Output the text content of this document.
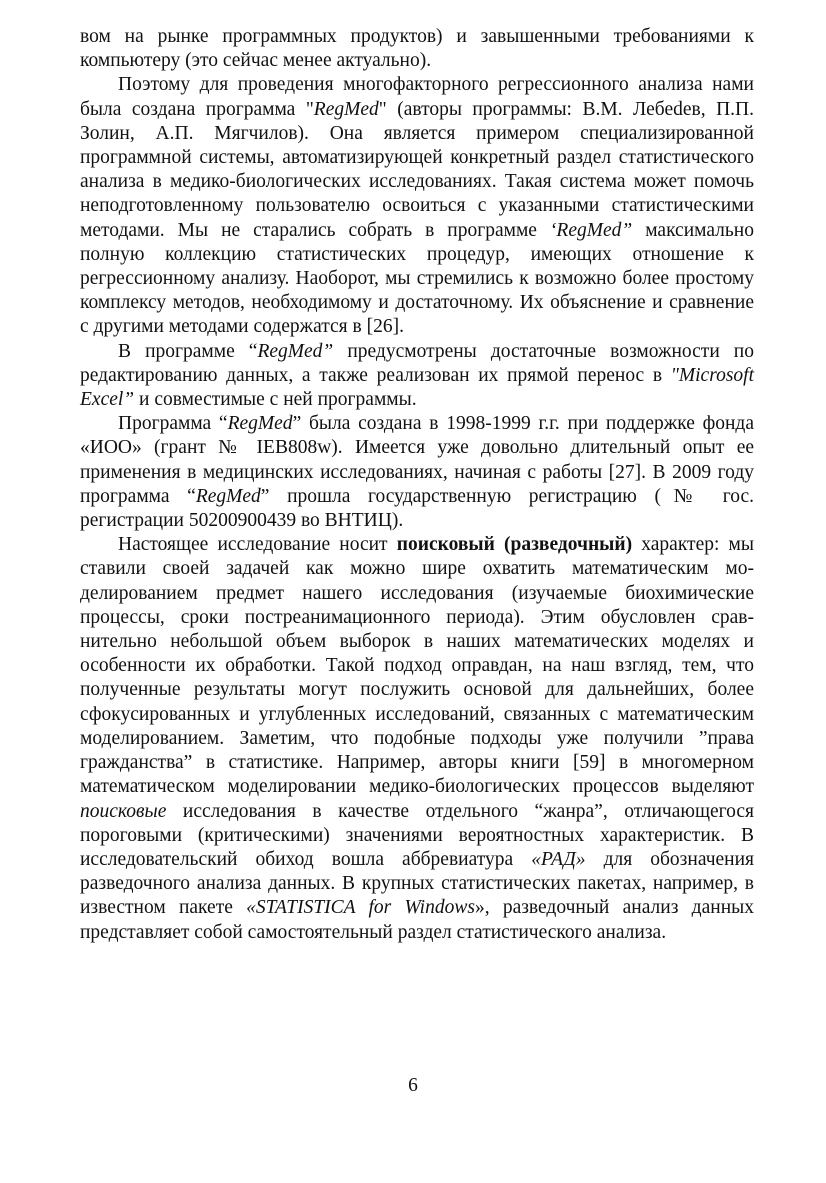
вом на рынке программных продуктов) и завышенными требованиями к компьютеру (это сейчас менее актуально).

Поэтому для проведения многофакторного регрессионного анализа нами была создана программа "RegMed" (авторы программы: В.М. Лебеdев, П.П. Золин, А.П. Мягчилов). Она является примером специализированной программной системы, автоматизирующей конкретный раздел статистического анализа в медико-биологических исследованиях. Такая система может помочь неподготовленному пользователю освоиться с указанными статистическими методами. Мы не старались собрать в программе ‘RegMed” максимально полную коллекцию статистических процедур, имеющих отношение к регрессионному анализу. Наоборот, мы стремились к возможно более простому комплексу методов, необходимому и достаточному. Их объяснение и сравнение с другими методами содержатся в [26].

В программе “RegMed” предусмотрены достаточные возможности по редактированию данных, а также реализован их прямой перенос в "Microsoft Excel” и совместимые с ней программы.

Программа “RegMed” была создана в 1998-1999 г.г. при поддержке фонда «ИОО» (грант № IEB808w). Имеется уже довольно длительный опыт ее применения в медицинских исследованиях, начиная с работы [27]. В 2009 году программа “RegMed” прошла государственную регистрацию (№ гос. регистрации 50200900439 во ВНТИЦ).

Настоящее исследование носит поисковый (разведочный) характер: мы ставили своей задачей как можно шире охватить математическим моделированием предмет нашего исследования (изучаемые биохимические процессы, сроки постреанимационного периода). Этим обусловлен сравнительно небольшой объем выборок в наших математических моделях и особенности их обработки. Такой подход оправдан, на наш взгляд, тем, что полученные результаты могут послужить основой для дальнейших, более сфокусированных и углубленных исследований, связанных с математическим моделированием. Заметим, что подобные подходы уже получили ”права гражданства” в статистике. Например, авторы книги [59] в многомерном математическом моделировании медико-биологических процессов выделяют поисковые исследования в качестве отдельного “жанра”, отличающегося пороговыми (критическими) значениями вероятностных характеристик. В исследовательский обиход вошла аббревиатура «РАД» для обозначения разведочного анализа данных. В крупных статистических пакетах, например, в известном пакете «STATISTICA for Windows», разведочный анализ данных представляет собой самостоятельный раздел статистического анализа.

6
